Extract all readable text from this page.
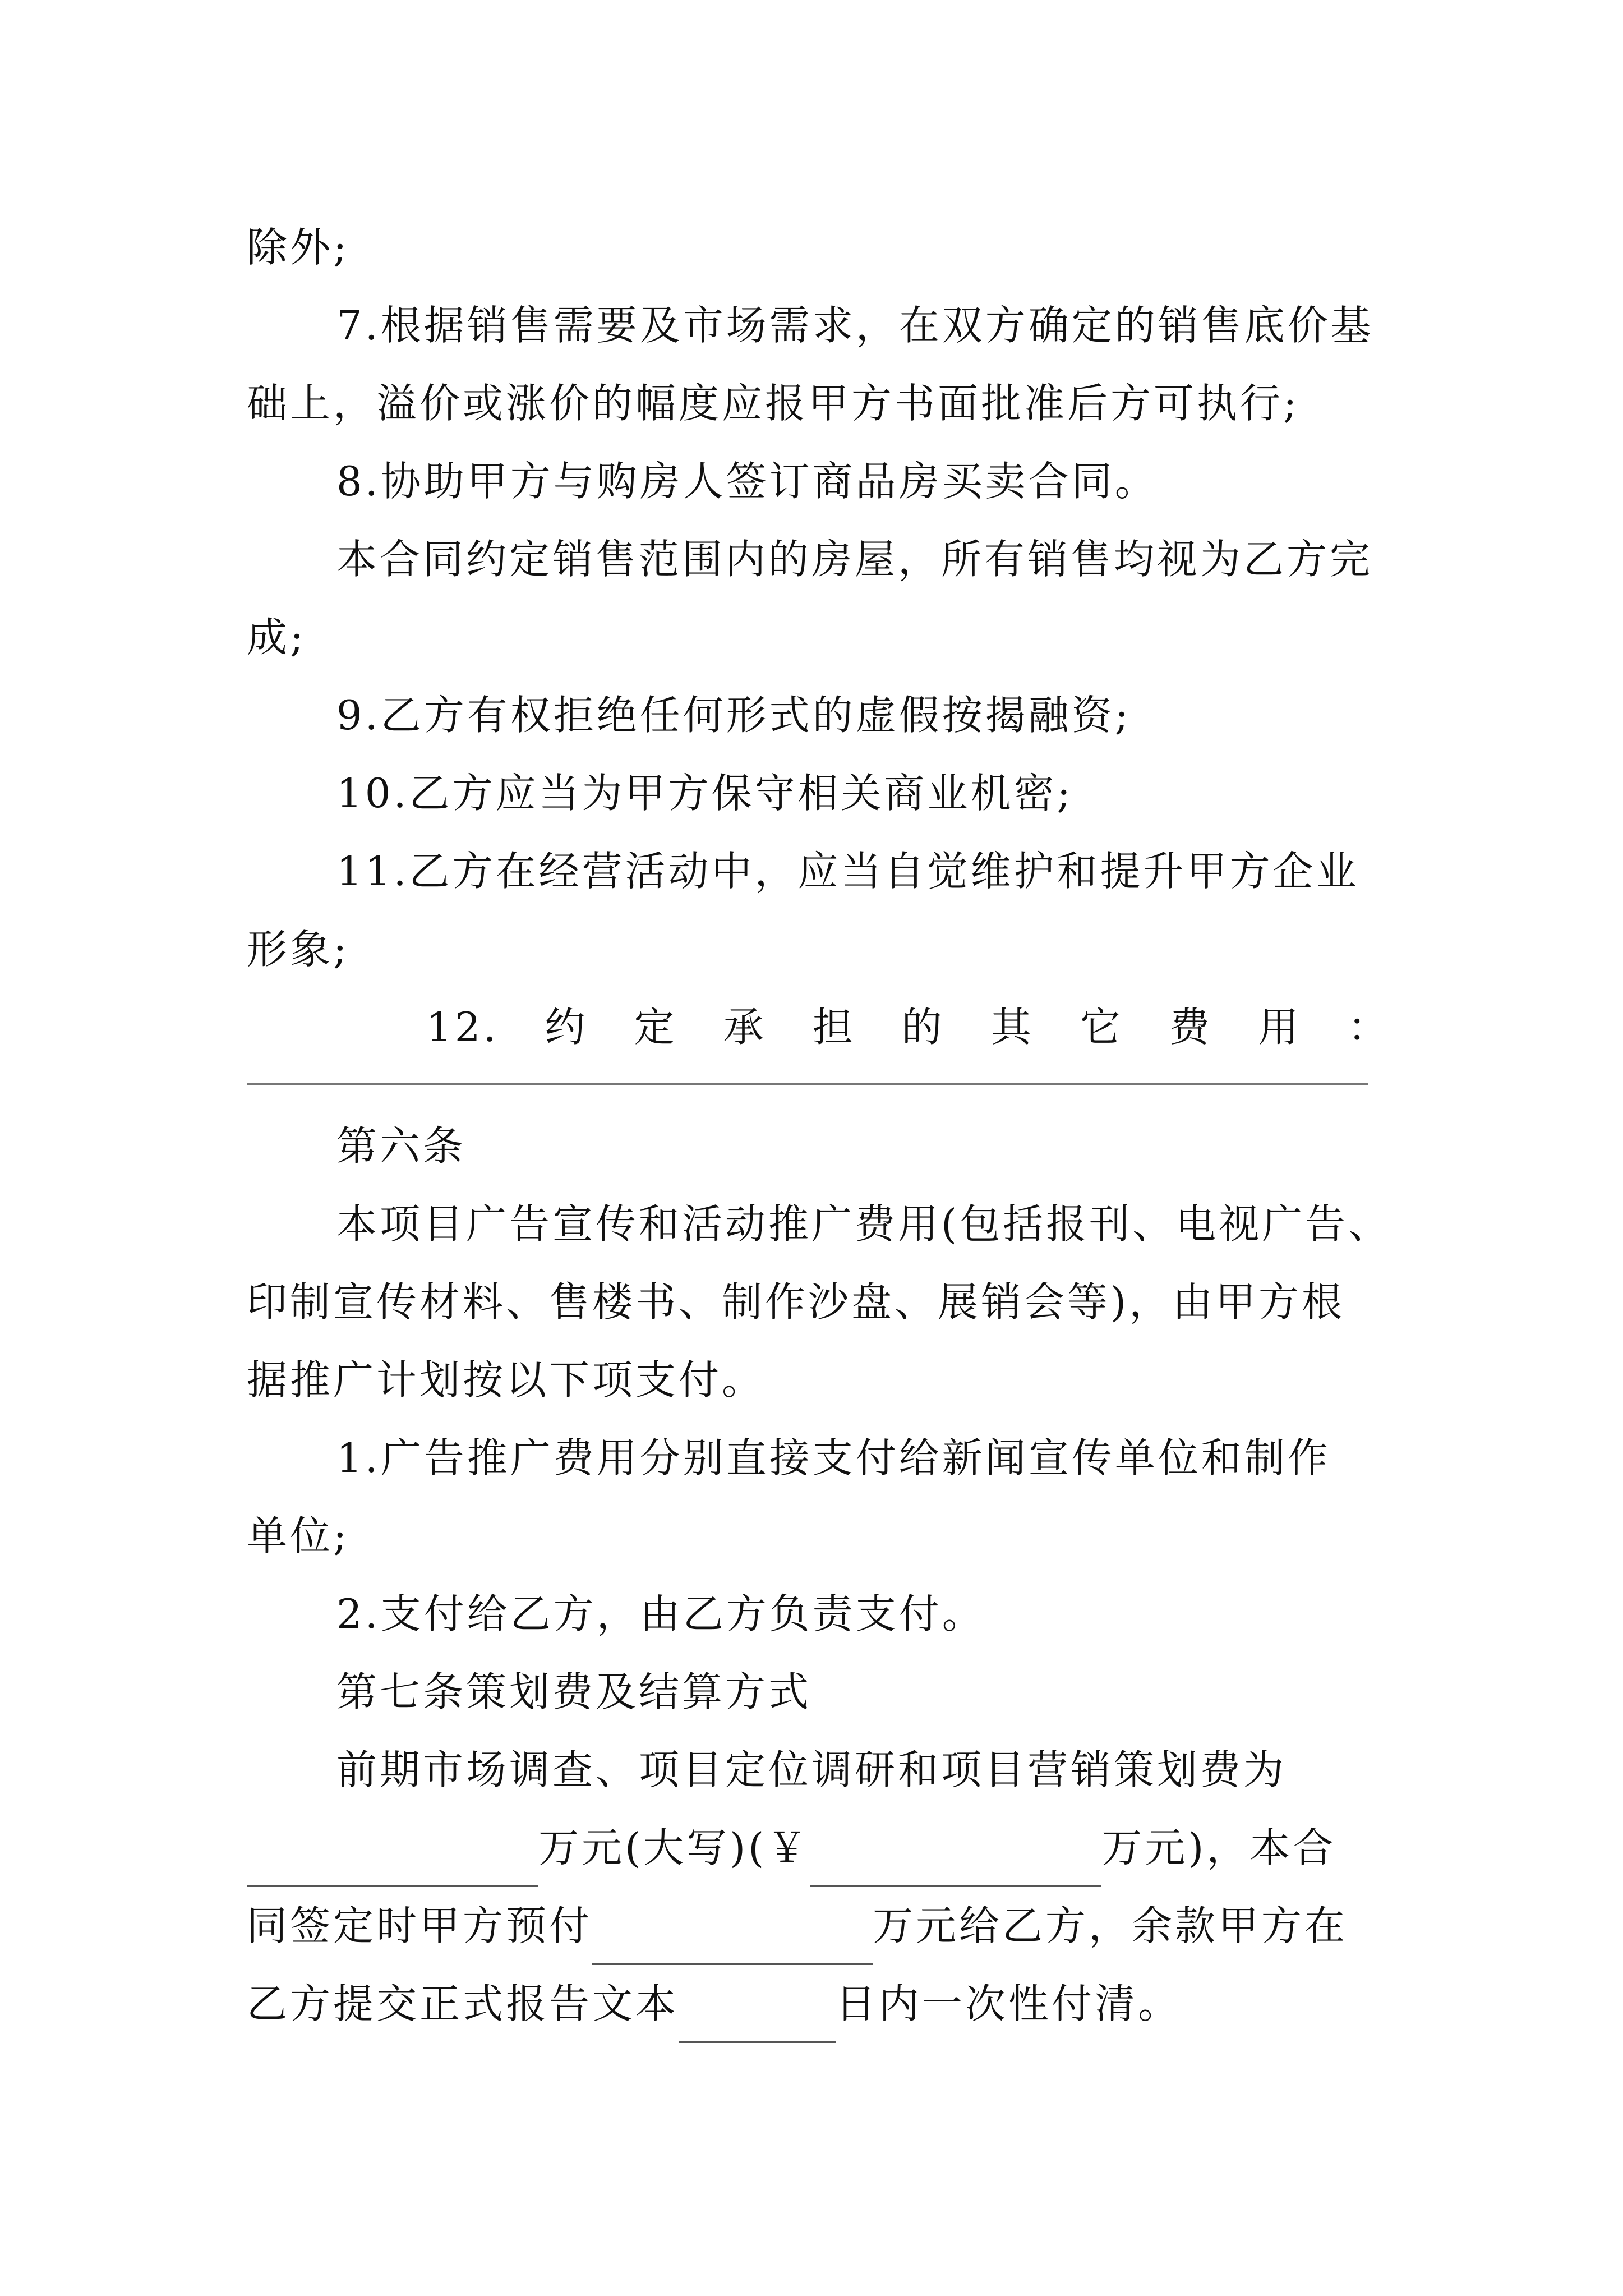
除外;

7.根据销售需要及市场需求，在双方确定的销售底价基

础上，溢价或涨价的幅度应报甲方书面批准后方可执行;

8.协助甲方与购房人签订商品房买卖合同。

本合同约定销售范围内的房屋，所有销售均视为乙方完

成;

9.乙方有权拒绝任何形式的虚假按揭融资;

10.乙方应当为甲方保守相关商业机密;

11.乙方在经营活动中，应当自觉维护和提升甲方企业

形象;

12. 约 定 承 担 的 其 它 费 用 ：

第六条

本项目广告宣传和活动推广费用(包括报刊、电视广告、

印制宣传材料、售楼书、制作沙盘、展销会等)，由甲方根

据推广计划按以下项支付。

1.广告推广费用分别直接支付给新闻宣传单位和制作

单位;

2.支付给乙方，由乙方负责支付。

第七条策划费及结算方式

前期市场调查、项目定位调研和项目营销策划费为

万元(大写)(￥	万元)，本合

同签定时甲方预付	万元给乙方，余款甲方在

乙方提交正式报告文本	日内一次性付清。
